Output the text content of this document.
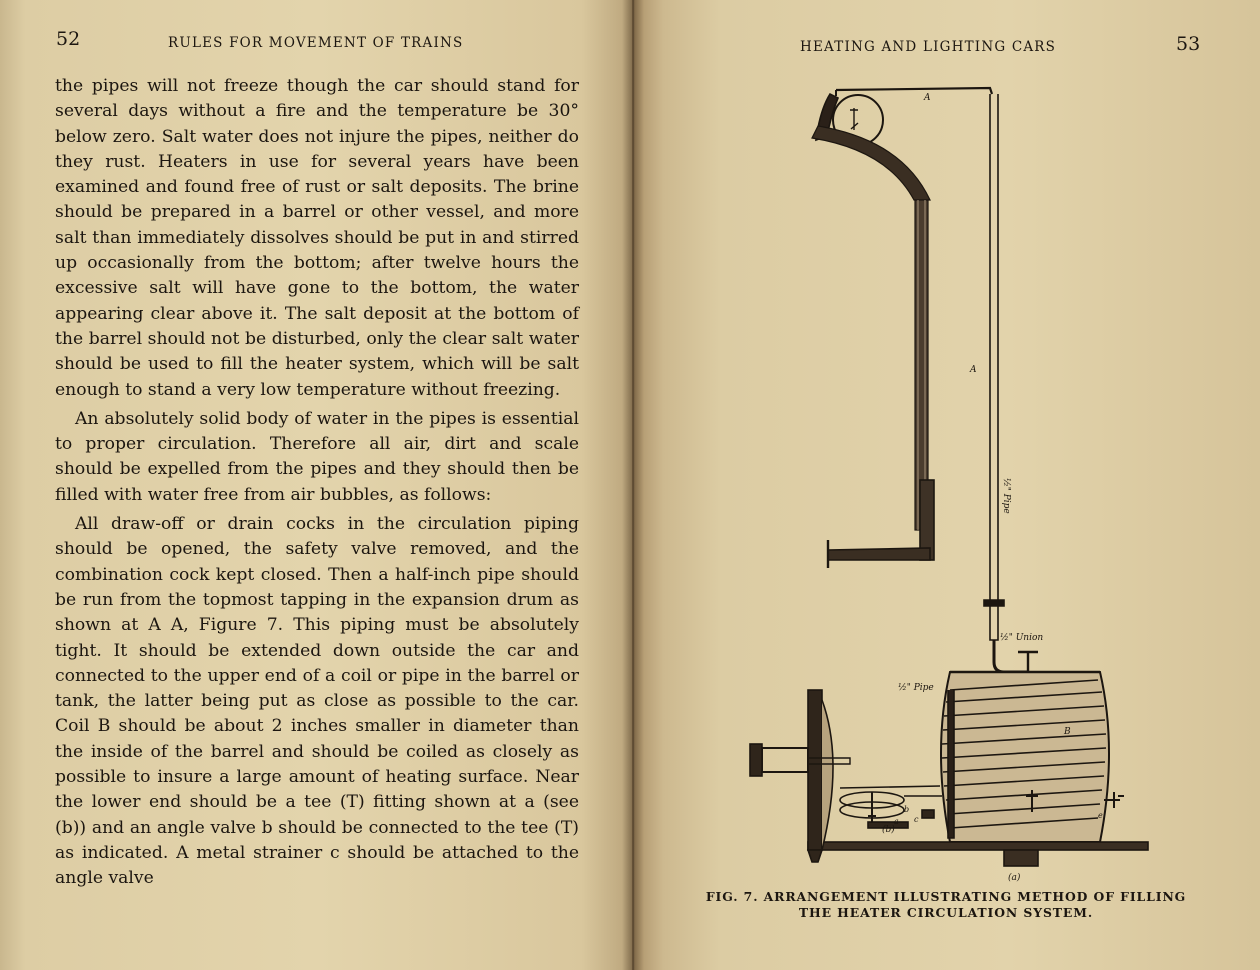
52	RULES FOR MOVEMENT OF TRAINS

the pipes will not freeze though the car should stand for several days without a fire and the temperature be 30° below zero. Salt water does not injure the pipes, neither do they rust. Heaters in use for several years have been examined and found free of rust or salt deposits. The brine should be prepared in a barrel or other vessel, and more salt than immediately dissolves should be put in and stirred up occasionally from the bottom; after twelve hours the excessive salt will have gone to the bottom, the water appearing clear above it. The salt deposit at the bottom of the barrel should not be disturbed, only the clear salt water should be used to fill the heater system, which will be salt enough to stand a very low temperature without freezing.

An absolutely solid body of water in the pipes is essential to proper circulation. Therefore all air, dirt and scale should be expelled from the pipes and they should then be filled with water free from air bubbles, as follows:

All draw-off or drain cocks in the circulation piping should be opened, the safety valve removed, and the combination cock kept closed. Then a half-inch pipe should be run from the topmost tapping in the expansion drum as shown at A A, Figure 7. This piping must be absolutely tight. It should be extended down outside the car and connected to the upper end of a coil or pipe in the barrel or tank, the latter being put as close as possible to the car. Coil B should be about 2 inches smaller in diameter than the inside of the barrel and should be coiled as closely as possible to insure a large amount of heating surface. Near the lower end should be a tee (T) fitting shown at a (see (b)) and an angle valve b should be connected to the tee (T) as indicated. A metal strainer c should be attached to the angle valve

HEATING AND LIGHTING CARS	53
A
A
½" Pipe
½" Union
½" Pipe
B
(b)
(a)
a
b
c	e
FIG. 7. ARRANGEMENT ILLUSTRATING METHOD OF FILLING
THE HEATER CIRCULATION SYSTEM.
